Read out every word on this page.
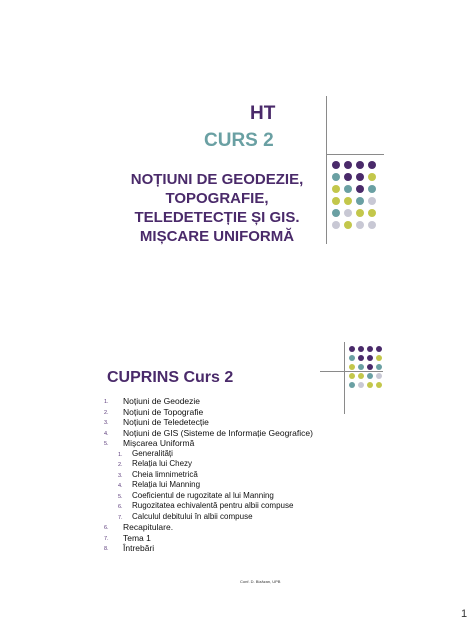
HT
CURS 2
NOȚIUNI DE GEODEZIE,
TOPOGRAFIE,
TELEDETECȚIE ȘI GIS.
MIȘCARE UNIFORMĂ
CUPRINS Curs 2
1. Noțiuni de Geodezie
2. Noțiuni de Topografie
3. Noțiuni de Teledetecție
4. Noțiuni de GIS (Sisteme de Informație Geografice)
5. Mișcarea Uniformă
1. Generalități
2. Relația lui Chezy
3. Cheia limnimetrică
4. Relația lui Manning
5. Coeficientul de rugozitate al lui Manning
6. Rugozitatea echivalentă pentru albii compuse
7. Calculul debitului în albii compuse
6. Recapitulare.
7. Tema 1
8. Întrebări
Conf. D. Bizăzan, UPB
1
